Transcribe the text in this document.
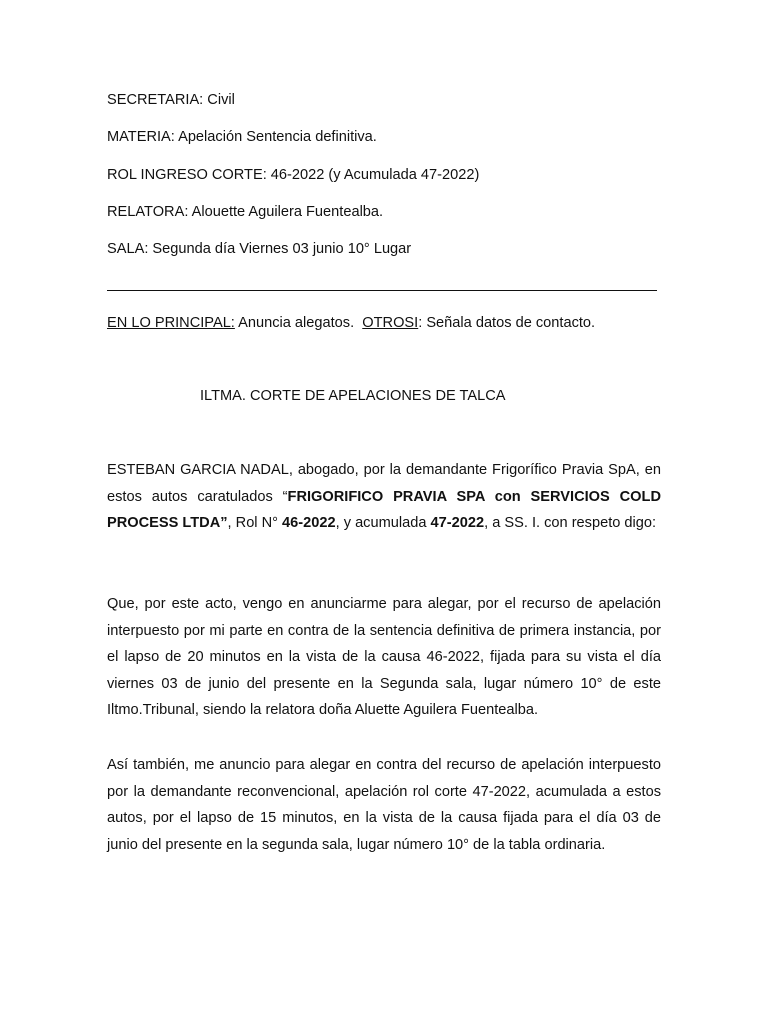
SECRETARIA: Civil
MATERIA: Apelación Sentencia definitiva.
ROL INGRESO CORTE: 46-2022 (y Acumulada 47-2022)
RELATORA: Alouette Aguilera Fuentealba.
SALA: Segunda día Viernes 03 junio 10° Lugar
EN LO PRINCIPAL: Anuncia alegatos.  OTROSI: Señala datos de contacto.
ILTMA. CORTE DE APELACIONES DE TALCA

ESTEBAN GARCIA NADAL, abogado, por la demandante Frigorífico Pravia SpA, en estos autos caratulados “FRIGORIFICO PRAVIA SPA con SERVICIOS COLD PROCESS LTDA”, Rol N° 46-2022, y acumulada 47-2022, a SS. I. con respeto digo:

Que, por este acto, vengo en anunciarme para alegar, por el recurso de apelación interpuesto por mi parte en contra de la sentencia definitiva de primera instancia, por el lapso de 20 minutos en la vista de la causa 46-2022, fijada para su vista el día viernes 03 de junio del presente en la Segunda sala, lugar número 10° de este Iltmo.Tribunal, siendo la relatora doña Aluette Aguilera Fuentealba.

Así también, me anuncio para alegar en contra del recurso de apelación interpuesto por la demandante reconvencional, apelación rol corte 47-2022, acumulada a estos autos, por el lapso de 15 minutos, en la vista de la causa fijada para el día 03 de junio del presente en la segunda sala, lugar número 10° de la tabla ordinaria.
